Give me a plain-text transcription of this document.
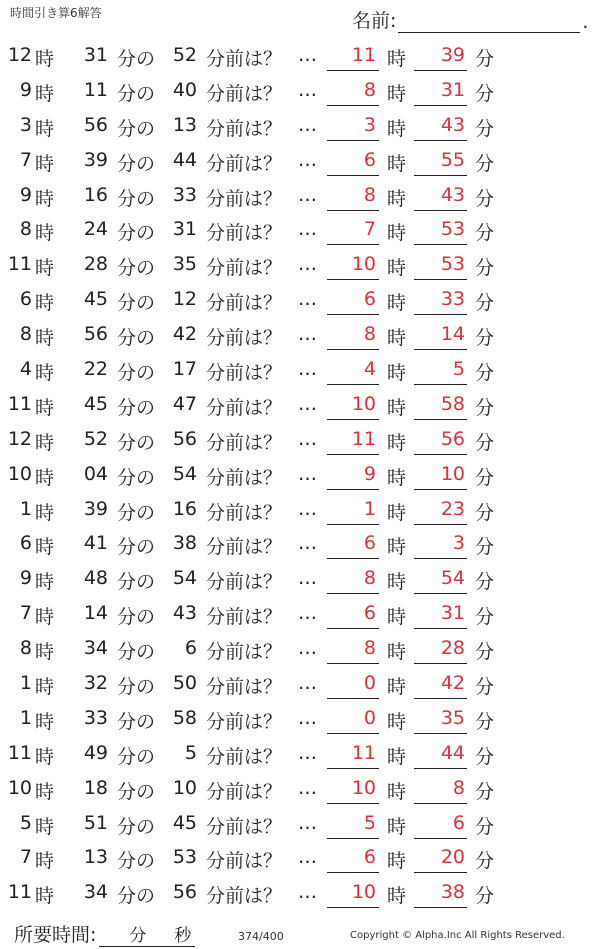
時間引き算6解答	名前:	.
12 時	31 分の 52 分前は？ …	11 時	39 分
9 時	11 分の 40 分前は？ …	8 時	31 分
3 時	56 分の 13 分前は？ …	3 時	43 分
7 時	39 分の 44 分前は？ …	6 時	55 分
9 時	16 分の 33 分前は？ …	8 時	43 分
8 時	24 分の 31 分前は？ …	7 時	53 分
11 時	28 分の 35 分前は？ …	10 時	53 分
6 時	45 分の 12 分前は？ …	6 時	33 分
8 時	56 分の 42 分前は？ …	8 時	14 分
4 時	22 分の 17 分前は？ …	4 時	5 分
11 時	45 分の 47 分前は？ …	10 時	58 分
12 時	52 分の 56 分前は？ …	11 時	56 分
10 時	04 分の 54 分前は？ …	9 時	10 分
1 時	39 分の 16 分前は？ …	1 時	23 分
6 時	41 分の 38 分前は？ …	6 時	3 分
9 時	48 分の 54 分前は？ …	8 時	54 分
7 時	14 分の 43 分前は？ …	6 時	31 分
8 時	34 分の	6 分前は？ …	8 時	28 分
1 時	32 分の 50 分前は？ …	0 時	42 分
1 時	33 分の 58 分前は？ …	0 時	35 分
11 時	49 分の	5 分前は？ …	11 時	44 分
10 時	18 分の 10 分前は？ …	10 時	8 分
5 時	51 分の 45 分前は？ …	5 時	6 分
7 時	13 分の 53 分前は？ …	6 時	20 分
11 時	34 分の 56 分前は？ …	10 時	38 分
所要時間: 分 秒	374/400	Copyright © Alpha.Inc All Rights Reserved.
